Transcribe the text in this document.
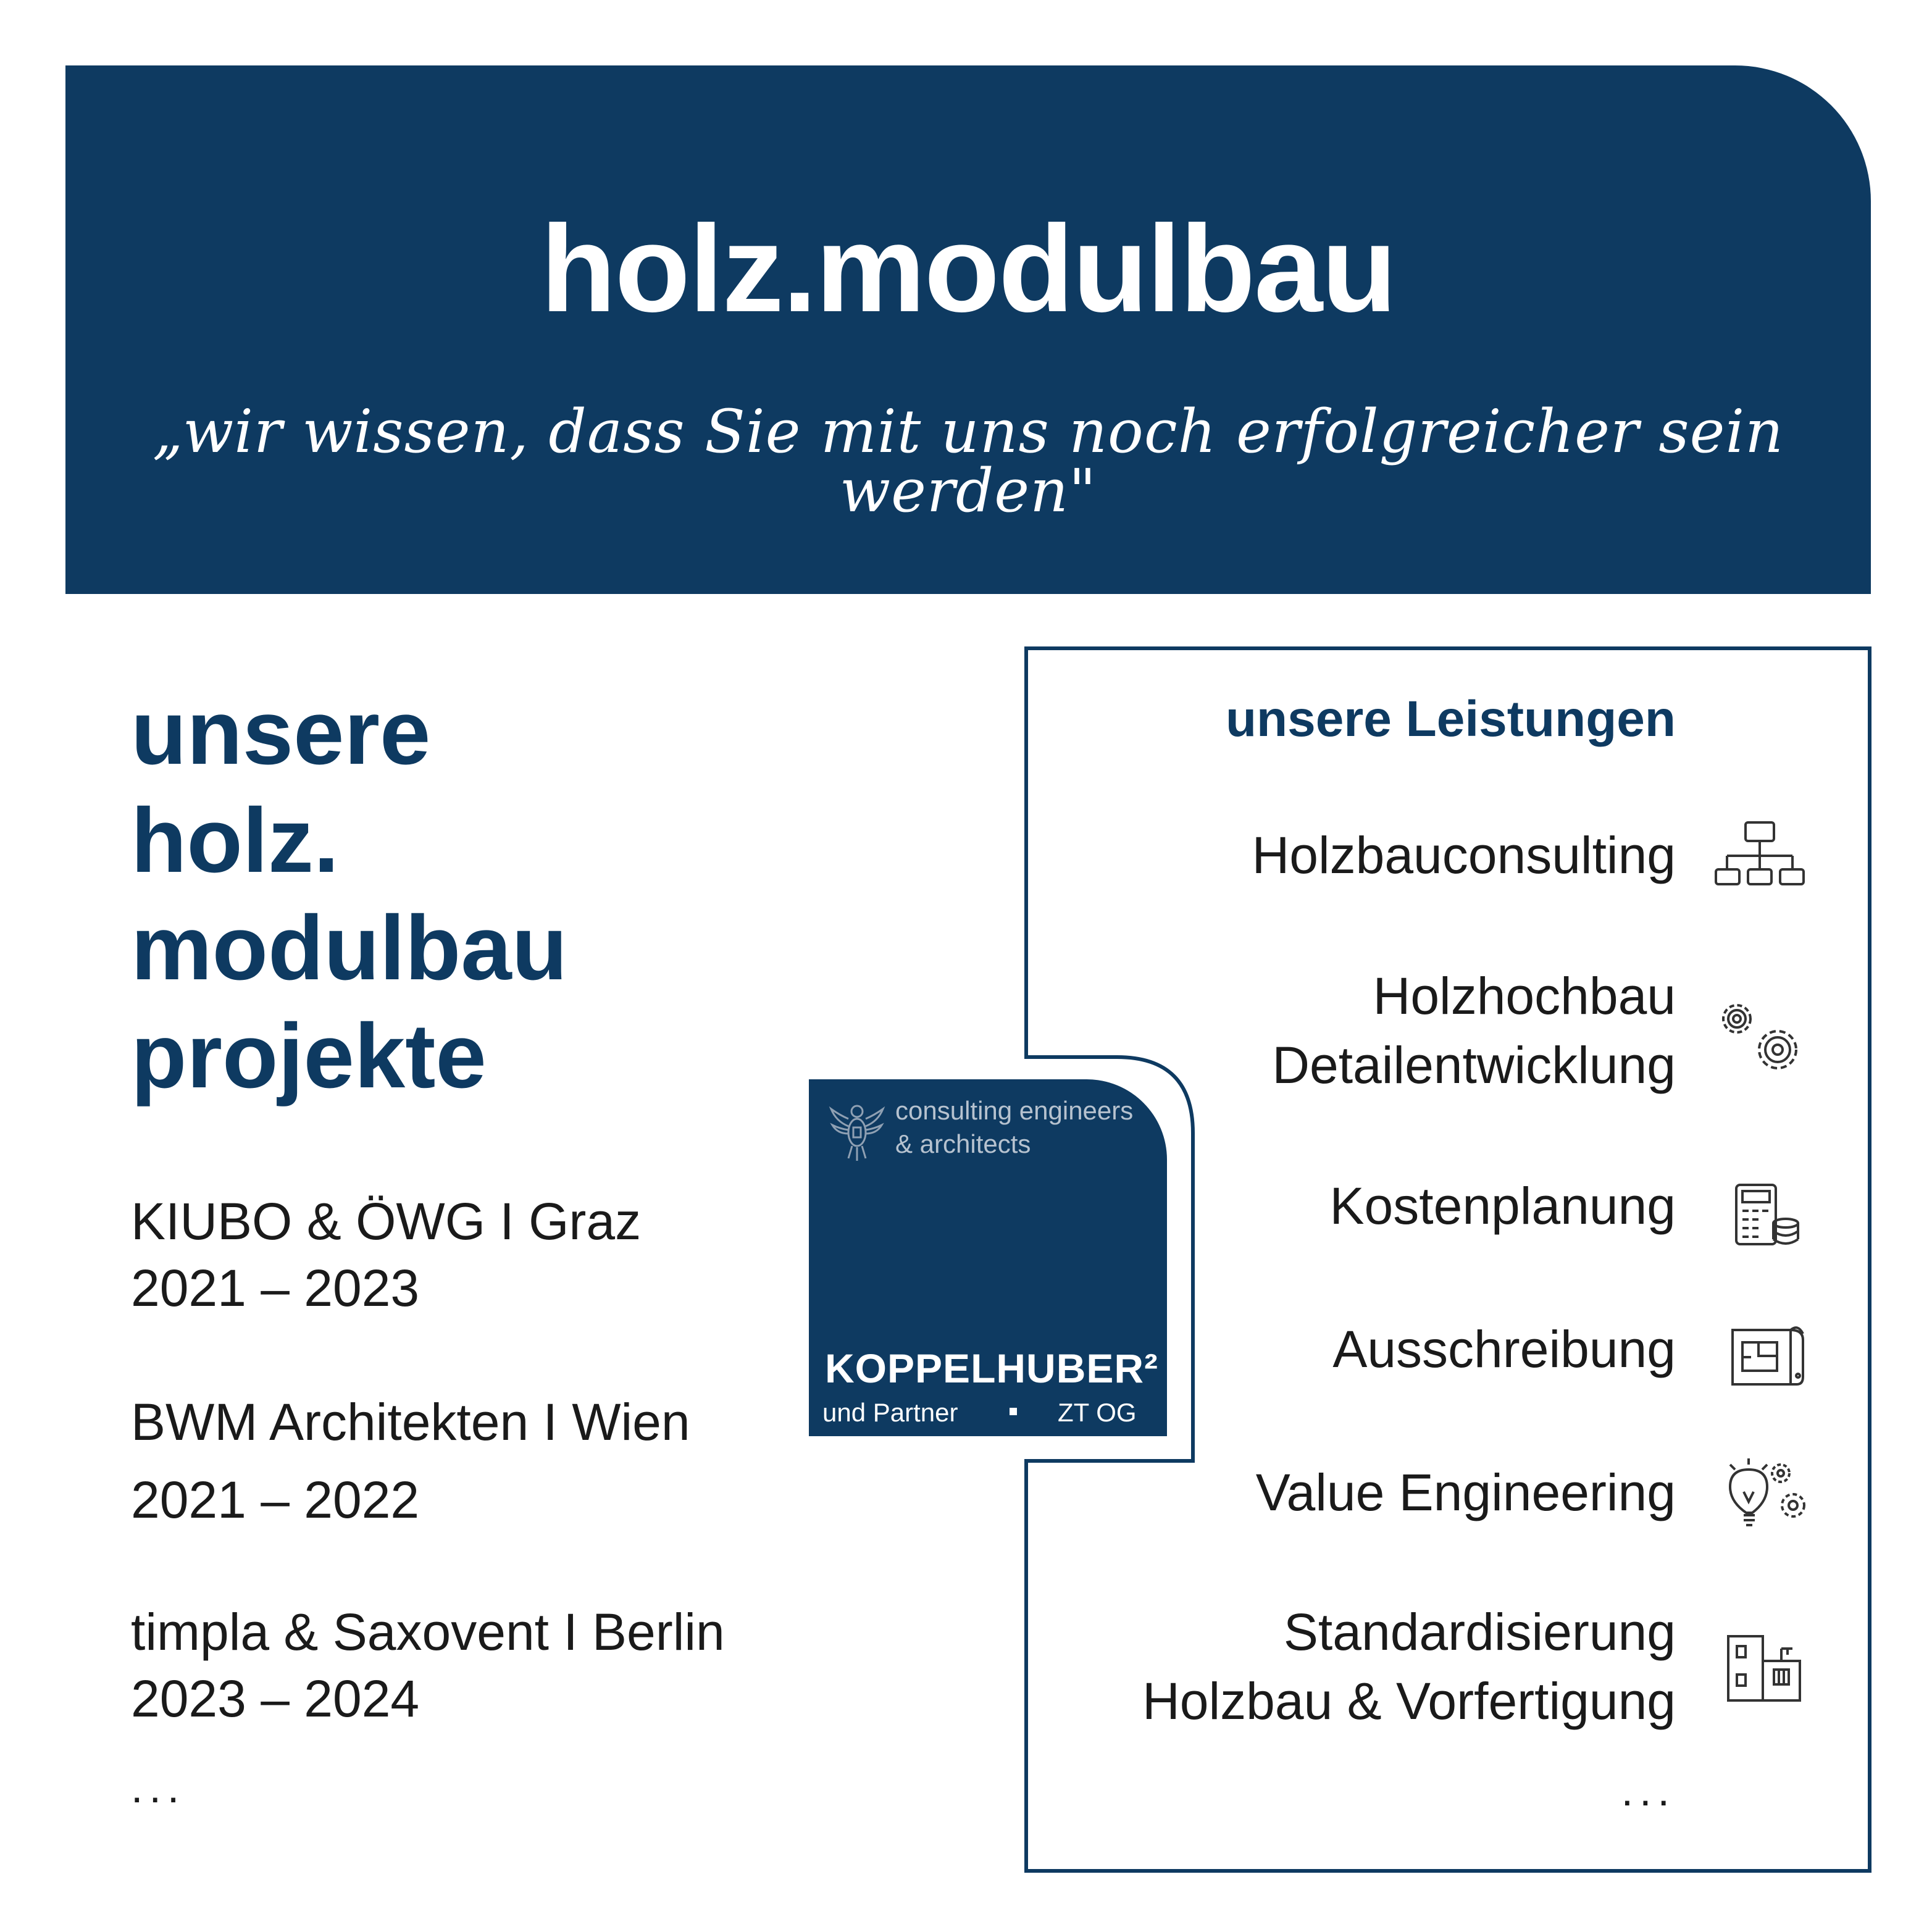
holz.modulbau
„wir wissen, dass Sie mit uns noch erfolgreicher sein werden"
unsere
holz.
modulbau
projekte
KIUBO & ÖWG I Graz
2021 – 2023
BWM Architekten I Wien
2021 – 2022
timpla & Saxovent I Berlin
2023 – 2024
...
consulting engineers
& architects
KOPPELHUBER²
und Partner	ZT OG
unsere Leistungen
Holzbauconsulting
Holzhochbau
Detailentwicklung
Kostenplanung
Ausschreibung
Value Engineering
Standardisierung
Holzbau & Vorfertigung
...
